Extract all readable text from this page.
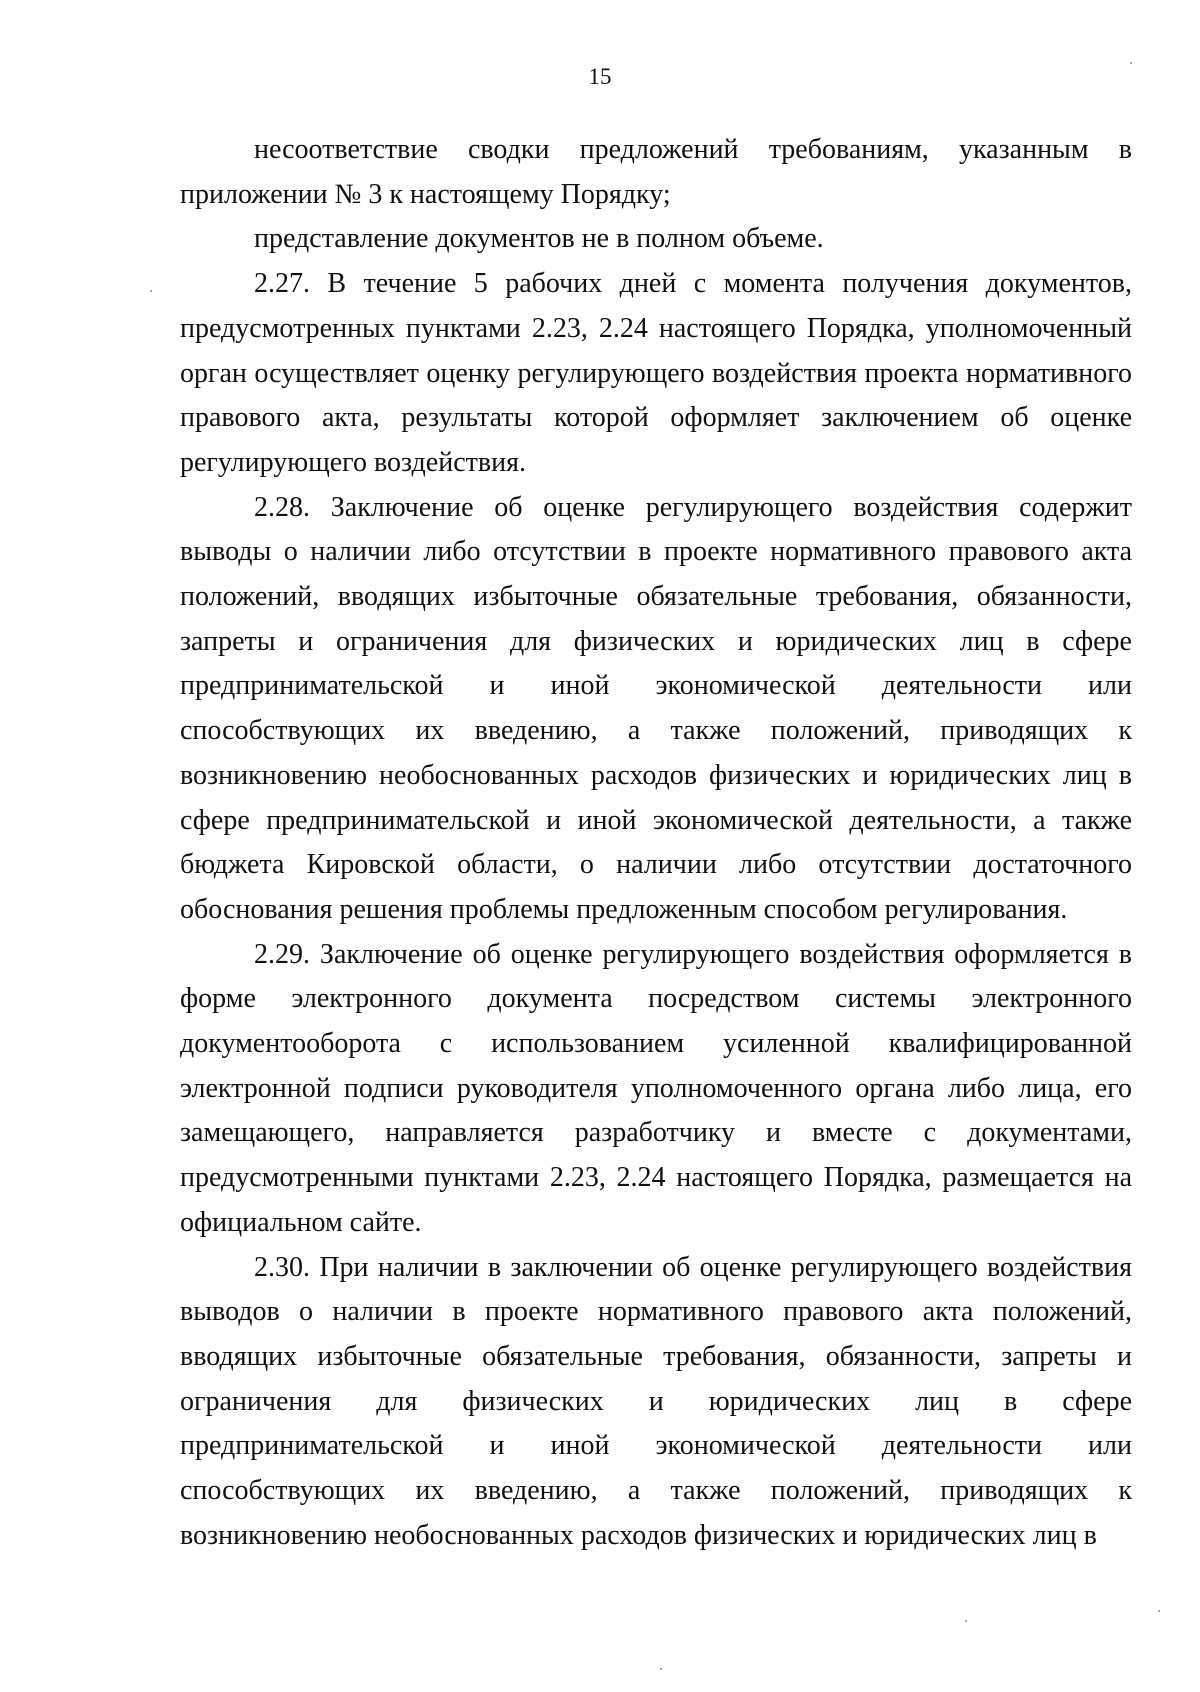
15

несоответствие сводки предложений требованиям, указанным в приложении № 3 к настоящему Порядку;

представление документов не в полном объеме.

2.27. В течение 5 рабочих дней с момента получения документов, предусмотренных пунктами 2.23, 2.24 настоящего Порядка, уполномоченный орган осуществляет оценку регулирующего воздействия проекта нормативного правового акта, результаты которой оформляет заключением об оценке регулирующего воздействия.

2.28. Заключение об оценке регулирующего воздействия содержит выводы о наличии либо отсутствии в проекте нормативного правового акта положений, вводящих избыточные обязательные требования, обязанности, запреты и ограничения для физических и юридических лиц в сфере предпринимательской и иной экономической деятельности или способствующих их введению, а также положений, приводящих к возникновению необоснованных расходов физических и юридических лиц в сфере предпринимательской и иной экономической деятельности, а также бюджета Кировской области, о наличии либо отсутствии достаточного обоснования решения проблемы предложенным способом регулирования.

2.29. Заключение об оценке регулирующего воздействия оформляется в форме электронного документа посредством системы электронного документооборота с использованием усиленной квалифицированной электронной подписи руководителя уполномоченного органа либо лица, его замещающего, направляется разработчику и вместе с документами, предусмотренными пунктами 2.23, 2.24 настоящего Порядка, размещается на официальном сайте.

2.30. При наличии в заключении об оценке регулирующего воздействия выводов о наличии в проекте нормативного правового акта положений, вводящих избыточные обязательные требования, обязанности, запреты и ограничения для физических и юридических лиц в сфере предпринимательской и иной экономической деятельности или способствующих их введению, а также положений, приводящих к возникновению необоснованных расходов физических и юридических лиц в
